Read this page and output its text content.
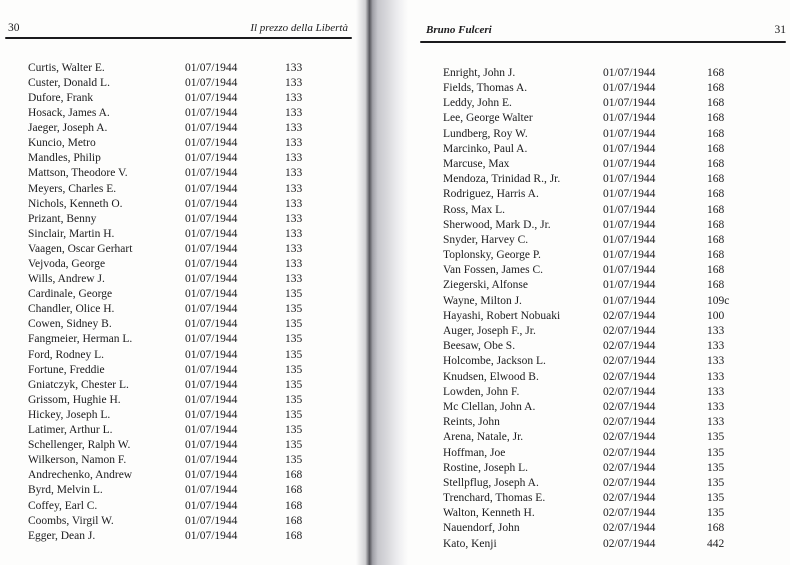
30	Il prezzo della Libertà
Curtis, Walter E.	01/07/1944	133
Custer, Donald L.	01/07/1944	133
Dufore, Frank	01/07/1944	133
Hosack, James A.	01/07/1944	133
Jaeger, Joseph A.	01/07/1944	133
Kuncio, Metro	01/07/1944	133
Mandles, Philip	01/07/1944	133
Mattson, Theodore V.	01/07/1944	133
Meyers, Charles E.	01/07/1944	133
Nichols, Kenneth O.	01/07/1944	133
Prizant, Benny	01/07/1944	133
Sinclair, Martin H.	01/07/1944	133
Vaagen, Oscar Gerhart	01/07/1944	133
Vejvoda, George	01/07/1944	133
Wills, Andrew J.	01/07/1944	133
Cardinale, George	01/07/1944	135
Chandler, Olice H.	01/07/1944	135
Cowen, Sidney B.	01/07/1944	135
Fangmeier, Herman L.	01/07/1944	135
Ford, Rodney L.	01/07/1944	135
Fortune, Freddie	01/07/1944	135
Gniatczyk, Chester L.	01/07/1944	135
Grissom, Hughie H.	01/07/1944	135
Hickey, Joseph L.	01/07/1944	135
Latimer, Arthur L.	01/07/1944	135
Schellenger, Ralph W.	01/07/1944	135
Wilkerson, Namon F.	01/07/1944	135
Andrechenko, Andrew	01/07/1944	168
Byrd, Melvin L.	01/07/1944	168
Coffey, Earl C.	01/07/1944	168
Coombs, Virgil W.	01/07/1944	168
Egger, Dean J.	01/07/1944	168
Bruno Fulceri	31
Enright, John J.	01/07/1944	168
Fields, Thomas A.	01/07/1944	168
Leddy, John E.	01/07/1944	168
Lee, George Walter	01/07/1944	168
Lundberg, Roy W.	01/07/1944	168
Marcinko, Paul A.	01/07/1944	168
Marcuse, Max	01/07/1944	168
Mendoza, Trinidad R., Jr.	01/07/1944	168
Rodriguez, Harris A.	01/07/1944	168
Ross, Max L.	01/07/1944	168
Sherwood, Mark D., Jr.	01/07/1944	168
Snyder, Harvey C.	01/07/1944	168
Toplonsky, George P.	01/07/1944	168
Van Fossen, James C.	01/07/1944	168
Ziegerski, Alfonse	01/07/1944	168
Wayne, Milton J.	01/07/1944	109c
Hayashi, Robert Nobuaki	02/07/1944	100
Auger, Joseph F., Jr.	02/07/1944	133
Beesaw, Obe S.	02/07/1944	133
Holcombe, Jackson L.	02/07/1944	133
Knudsen, Elwood B.	02/07/1944	133
Lowden, John F.	02/07/1944	133
Mc Clellan, John A.	02/07/1944	133
Reints, John	02/07/1944	133
Arena, Natale, Jr.	02/07/1944	135
Hoffman, Joe	02/07/1944	135
Rostine, Joseph L.	02/07/1944	135
Stellpflug, Joseph A.	02/07/1944	135
Trenchard, Thomas E.	02/07/1944	135
Walton, Kenneth H.	02/07/1944	135
Nauendorf, John	02/07/1944	168
Kato, Kenji	02/07/1944	442
